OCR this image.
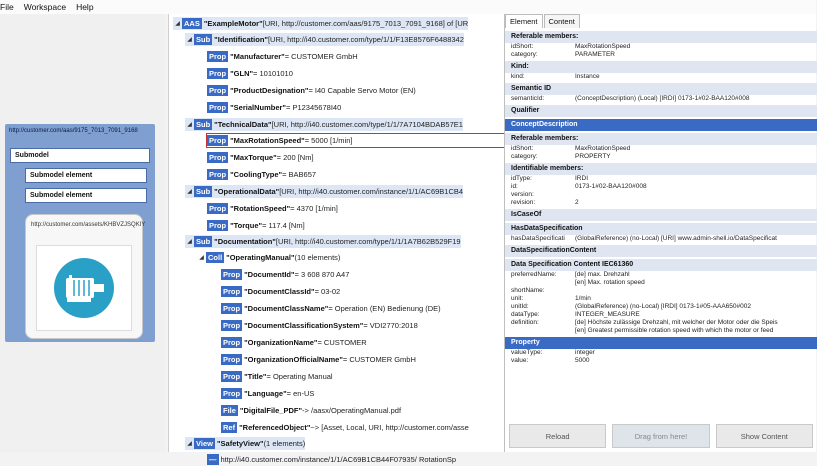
File	Workspace	Help
http://customer.com/aas/9175_7013_7091_9168
Submodel
Submodel element
Submodel element
http://customer.com/assets/KHBVZJSQKIY
◢ AAS "ExampleMotor" [URI, http://customer.com/aas/9175_7013_7091_9168] of [UR
◢ Sub "Identification" [URI, http://i40.customer.com/type/1/1/F13E8576F6488342
Prop "Manufacturer" = CUSTOMER GmbH
Prop "GLN" = 10101010
Prop "ProductDesignation" = I40 Capable Servo Motor (EN)
Prop "SerialNumber" = P12345678I40
◢ Sub "TechnicalData" [URI, http://i40.customer.com/type/1/1/7A7104BDAB57E1
Prop "MaxRotationSpeed" = 5000 [1/min]
Prop "MaxTorque" = 200 [Nm]
Prop "CoolingType" = BAB657
◢ Sub "OperationalData" [URI, http://i40.customer.com/instance/1/1/AC69B1CB4
Prop "RotationSpeed" = 4370 [1/min]
Prop "Torque" = 117.4 [Nm]
◢ Sub "Documentation" [URI, http://i40.customer.com/type/1/1/1A7B62B529F19
◢ Coll "OperatingManual" (10 elements)
Prop "DocumentId" = 3 608 870 A47
Prop "DocumentClassId" = 03-02
Prop "DocumentClassName" = Operation (EN) Bedienung (DE)
Prop "DocumentClassificationSystem" = VDI2770:2018
Prop "OrganizationName" = CUSTOMER
Prop "OrganizationOfficialName" = CUSTOMER GmbH
Prop "Title" = Operating Manual
Prop "Language" = en-US
File "DigitalFile_PDF" -> /aasx/OperatingManual.pdf
Ref "ReferencedObject" ~> [Asset, Local, URI, http://customer.com/asse
◢ View "SafetyView" (1 elements)
— http://i40.customer.com/instance/1/1/AC69B1CB44F07935/ RotationSp
Element	Content
Referable members:
idShort:	MaxRotationSpeed
category:	PARAMETER
Kind:
kind:	Instance
Semantic ID
semanticId:	(ConceptDescription) (Local) [IRDI] 0173-1#02-BAA120#008
Qualifier
ConceptDescription
Referable members:
idShort:	MaxRotationSpeed
category:	PROPERTY
Identifiable members:
idType:	IRDI
id:	0173-1#02-BAA120#008
version:
revision:	2
IsCaseOf
HasDataSpecification
hasDataSpecificati	(GlobalReference) (no-Local) [URI] www.admin-shell.io/DataSpecificat
DataSpecificationContent
Data Specification Content IEC61360
preferredName:	[de] max. Drehzahl
[en] Max. rotation speed
shortName:
unit:	1/min
unitId:	(GlobalReference) (no-Local) [IRDI] 0173-1#05-AAA650#002
dataType:	INTEGER_MEASURE
definition:	[de] Höchste zulässige Drehzahl, mit welcher der Motor oder die Speis
[en] Greatest permissible rotation speed with which the motor or feed
Property
valueType:	integer
value:	5000
Reload	Drag from here!	Show Content
